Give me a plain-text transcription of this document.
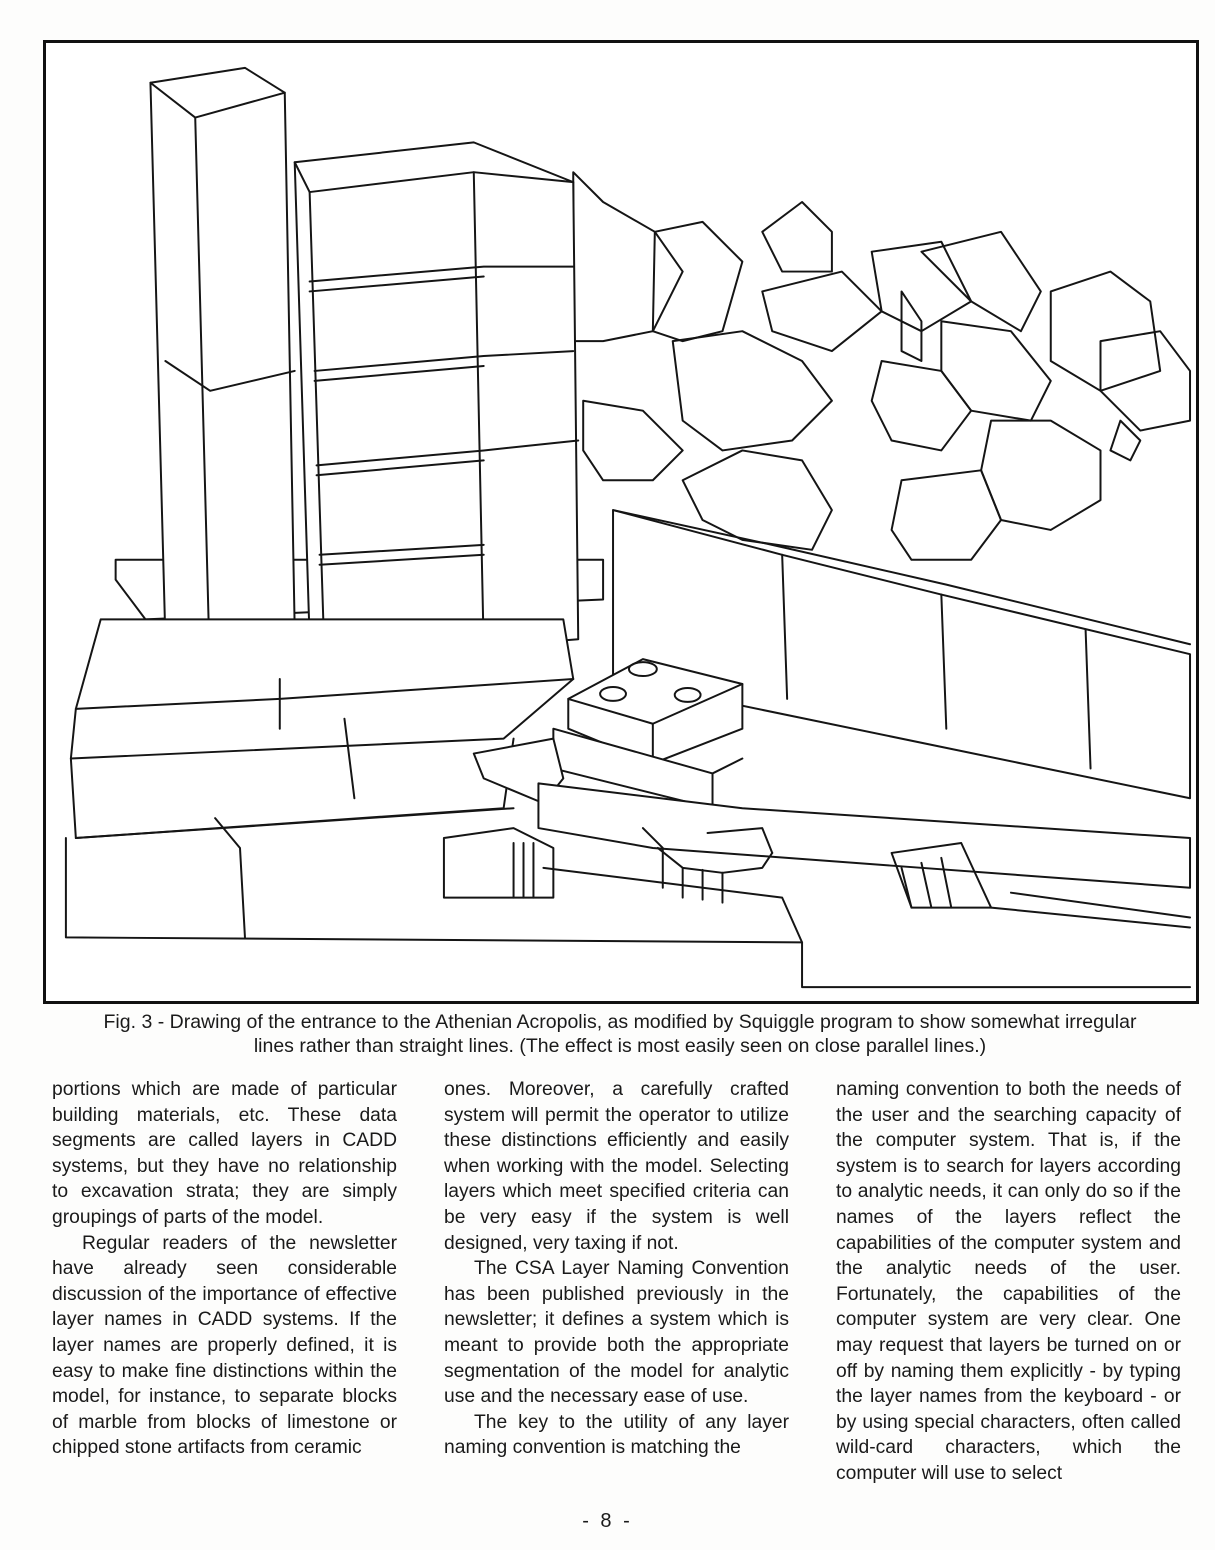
Fig. 3 - Drawing of the entrance to the Athenian Acropolis, as modified by Squiggle program to show somewhat irregular
lines rather than straight lines. (The effect is most easily seen on close parallel lines.)

portions which are made of particular building materials, etc. These data segments are called layers in CADD systems, but they have no relationship to excavation strata; they are simply groupings of parts of the model.

Regular readers of the newsletter have already seen considerable discussion of the importance of effective layer names in CADD systems. If the layer names are properly defined, it is easy to make fine distinctions within the model, for instance, to separate blocks of marble from blocks of limestone or chipped stone artifacts from ceramic

ones. Moreover, a carefully crafted system will permit the operator to utilize these distinctions efficiently and easily when working with the model. Selecting layers which meet specified criteria can be very easy if the system is well designed, very taxing if not.

The CSA Layer Naming Convention has been published previously in the newsletter; it defines a system which is meant to provide both the appropriate segmentation of the model for analytic use and the necessary ease of use.

The key to the utility of any layer naming convention is matching the

naming convention to both the needs of the user and the searching capacity of the computer system. That is, if the system is to search for layers according to analytic needs, it can only do so if the names of the layers reflect the capabilities of the computer system and the analytic needs of the user. Fortunately, the capabilities of the computer system are very clear. One may request that layers be turned on or off by naming them explicitly - by typing the layer names from the keyboard - or by using special characters, often called wild-card characters, which the computer will use to select

- 8 -
